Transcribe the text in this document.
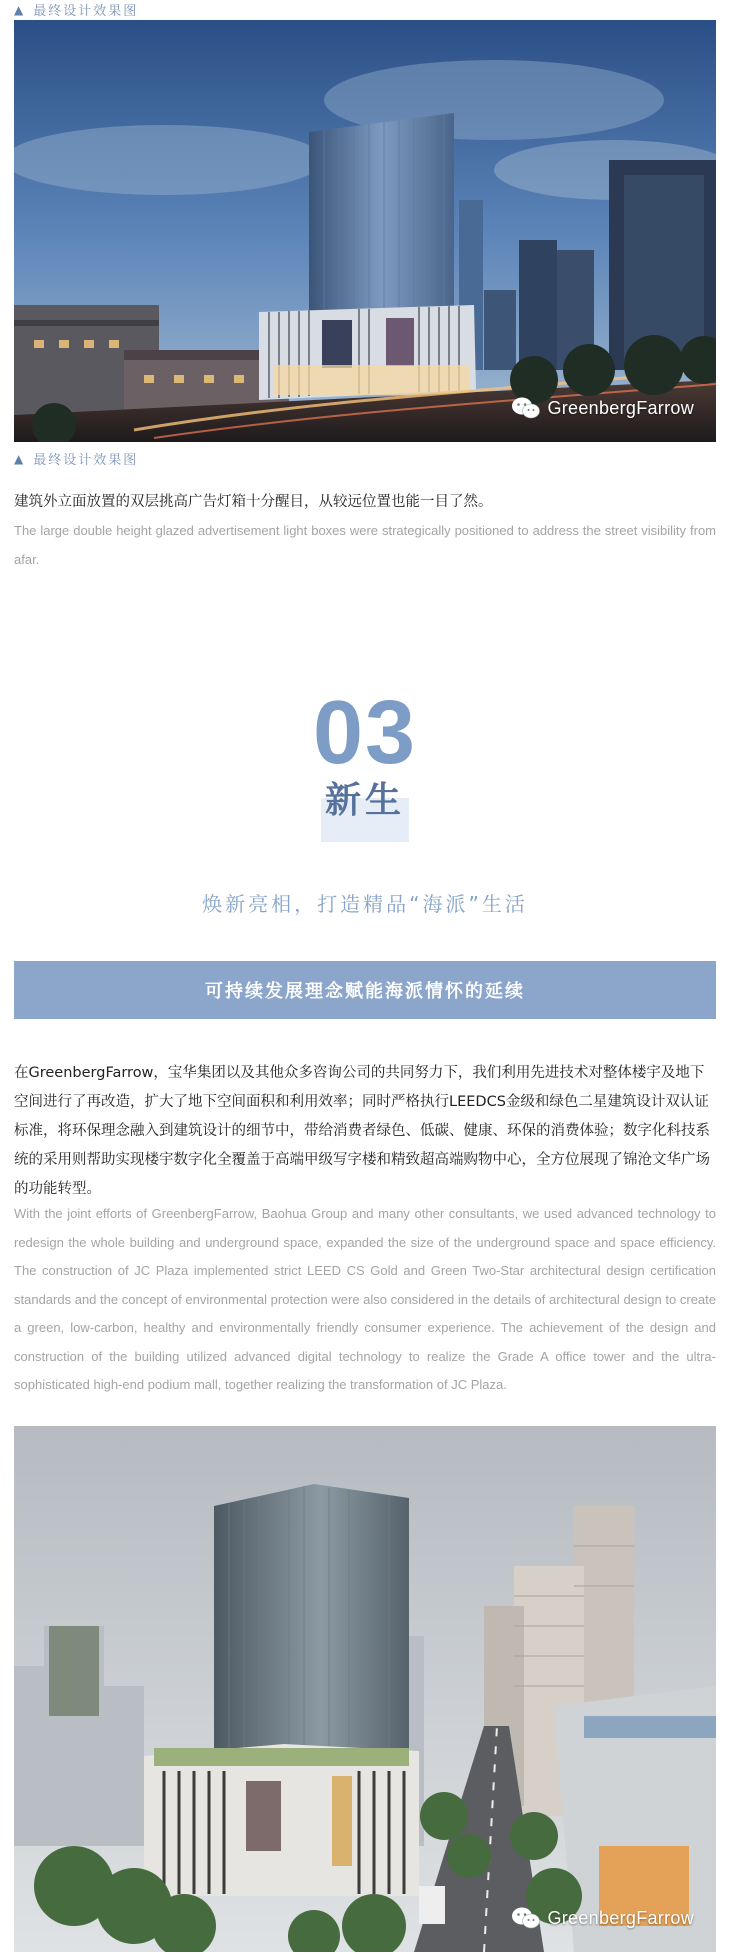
▲ 最终设计效果图
GreenbergFarrow
▲ 最终设计效果图
建筑外立面放置的双层挑高广告灯箱十分醒目，从较远位置也能一目了然。
The large double height glazed advertisement light boxes were strategically positioned to address the street visibility from afar.
03
新生
焕新亮相，打造精品“海派”生活
可持续发展理念赋能海派情怀的延续
在GreenbergFarrow，宝华集团以及其他众多咨询公司的共同努力下，我们利用先进技术对整体楼宇及地下空间进行了再改造，扩大了地下空间面积和利用效率；同时严格执行LEEDCS金级和绿色二星建筑设计双认证标准，将环保理念融入到建筑设计的细节中，带给消费者绿色、低碳、健康、环保的消费体验；数字化科技系统的采用则帮助实现楼宇数字化全覆盖于高端甲级写字楼和精致超高端购物中心，全方位展现了锦沧文华广场的功能转型。
With the joint efforts of GreenbergFarrow, Baohua Group and many other consultants, we used advanced technology to redesign the whole building and underground space, expanded the size of the underground space and space efficiency. The construction of JC Plaza implemented strict LEED CS Gold and Green Two-Star architectural design certification standards and the concept of environmental protection were also considered in the details of architectural design to create a green, low-carbon, healthy and environmentally friendly consumer experience. The achievement of the design and construction of the building utilized advanced digital technology to realize the Grade A office tower and the ultra-sophisticated high-end podium mall, together realizing the transformation of JC Plaza.
GreenbergFarrow
